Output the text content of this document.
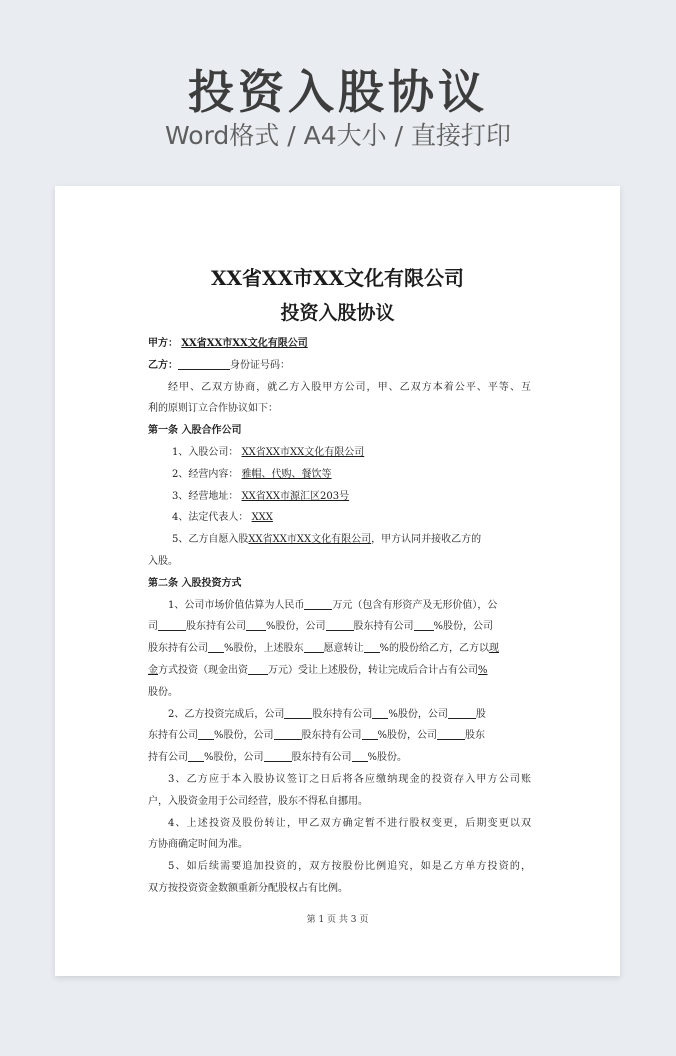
投资入股协议
Word格式 / A4大小 / 直接打印
XX省XX市XX文化有限公司
投资入股协议

甲方： XX省XX市XX文化有限公司

乙方：	身份证号码：

经甲、乙双方协商，就乙方入股甲方公司，甲、乙双方本着公平、平等、互

利的原则订立合作协议如下：

第一条 入股合作公司

1、入股公司： XX省XX市XX文化有限公司

2、经营内容： 雅帽、代购、餐饮等

3、经营地址： XX省XX市源汇区203号

4、法定代表人： XXX

5、乙方自愿入股XX省XX市XX文化有限公司，甲方认同并接收乙方的

入股。

第二条 入股投资方式

1、公司市场价值估算为人民币	万元（包含有形资产及无形价值），公

司	股东持有公司 %股份，公司	股东持有公司 %股份，公司

股东持有公司 %股份，上述股东 愿意转让 %的股份给乙方，乙方以现

金方式投资（现金出资 万元）受让上述股份，转让完成后合计占有公司%

股份。

2、乙方投资完成后，公司	股东持有公司 %股份，公司	股

东持有公司 %股份，公司	股东持有公司 %股份，公司	股东

持有公司 %股份，公司	股东持有公司 %股份。

3、乙方应于本入股协议签订之日后将各应缴纳现金的投资存入甲方公司账

户，入股资金用于公司经营，股东不得私自挪用。

4、上述投资及股份转让，甲乙双方确定暂不进行股权变更，后期变更以双

方协商确定时间为准。

5、如后续需要追加投资的，双方按股份比例追究，如是乙方单方投资的，

双方按投资资金数额重新分配股权占有比例。

第 1 页 共 3 页
